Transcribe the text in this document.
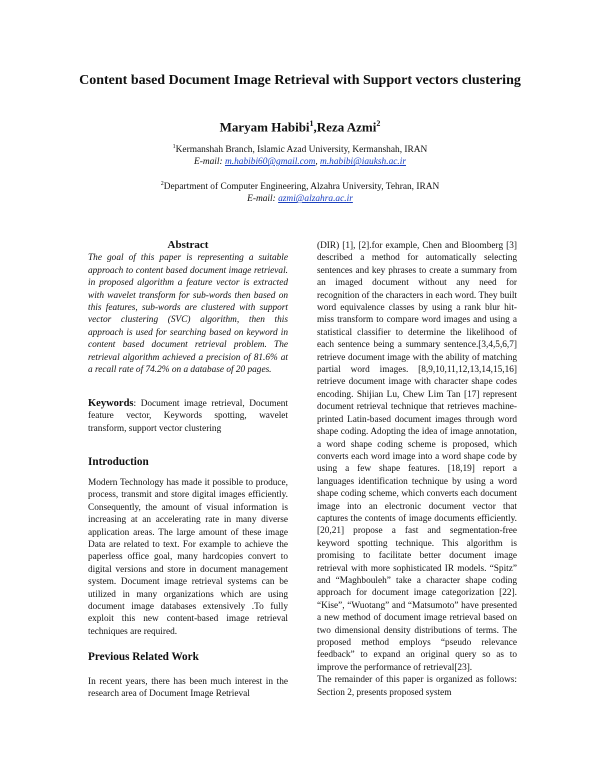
Content based Document Image Retrieval with Support vectors clustering
Maryam Habibi$^1$,Reza Azmi$^2$
$^1$Kermanshah Branch, Islamic Azad University, Kermanshah, IRAN
E-mail: m.habibi60@gmail.com, m.habibi@iauksh.ac.ir
$^2$Department of Computer Engineering, Alzahra University, Tehran, IRAN
E-mail: azmi@alzahra.ac.ir
Abstract
The goal of this paper is representing a suitable approach to content based document image retrieval. in proposed algorithm a feature vector is extracted with wavelet transform for sub-words then based on this features, sub-words are clustered with support vector clustering (SVC) algorithm, then this approach is used for searching based on keyword in content based document retrieval problem. The retrieval algorithm achieved a precision of 81.6% at a recall rate of 74.2% on a database of 20 pages.
Keywords: Document image retrieval, Document feature vector, Keywords spotting, wavelet transform, support vector clustering
Introduction
Modern Technology has made it possible to produce, process, transmit and store digital images efficiently. Consequently, the amount of visual information is increasing at an accelerating rate in many diverse application areas. The large amount of these image Data are related to text. For example to achieve the paperless office goal, many hardcopies convert to digital versions and store in document management system. Document image retrieval systems can be utilized in many organizations which are using document image databases extensively .To fully exploit this new content-based image retrieval techniques are required.
Previous Related Work
In recent years, there has been much interest in the research area of Document Image Retrieval
(DIR) [1], [2].for example, Chen and Bloomberg [3] described a method for automatically selecting sentences and key phrases to create a summary from an imaged document without any need for recognition of the characters in each word. They built word equivalence classes by using a rank blur hit-miss transform to compare word images and using a statistical classifier to determine the likelihood of each sentence being a summary sentence.[3,4,5,6,7] retrieve document image with the ability of matching partial word images. [8,9,10,11,12,13,14,15,16] retrieve document image with character shape codes encoding. Shijian Lu, Chew Lim Tan [17] represent document retrieval technique that retrieves machine-printed Latin-based document images through word shape coding. Adopting the idea of image annotation, a word shape coding scheme is proposed, which converts each word image into a word shape code by using a few shape features. [18,19] report a languages identification technique by using a word shape coding scheme, which converts each document image into an electronic document vector that captures the contents of image documents efficiently. [20,21] propose a fast and segmentation-free keyword spotting technique. This algorithm is promising to facilitate better document image retrieval with more sophisticated IR models. “Spitz” and “Maghbouleh” take a character shape coding approach for document image categorization [22]. “Kise”, “Wuotang” and “Matsumoto” have presented a new method of document image retrieval based on two dimensional density distributions of terms. The proposed method employs “pseudo relevance feedback” to expand an original query so as to improve the performance of retrieval[23].
The remainder of this paper is organized as follows: Section 2, presents proposed system
